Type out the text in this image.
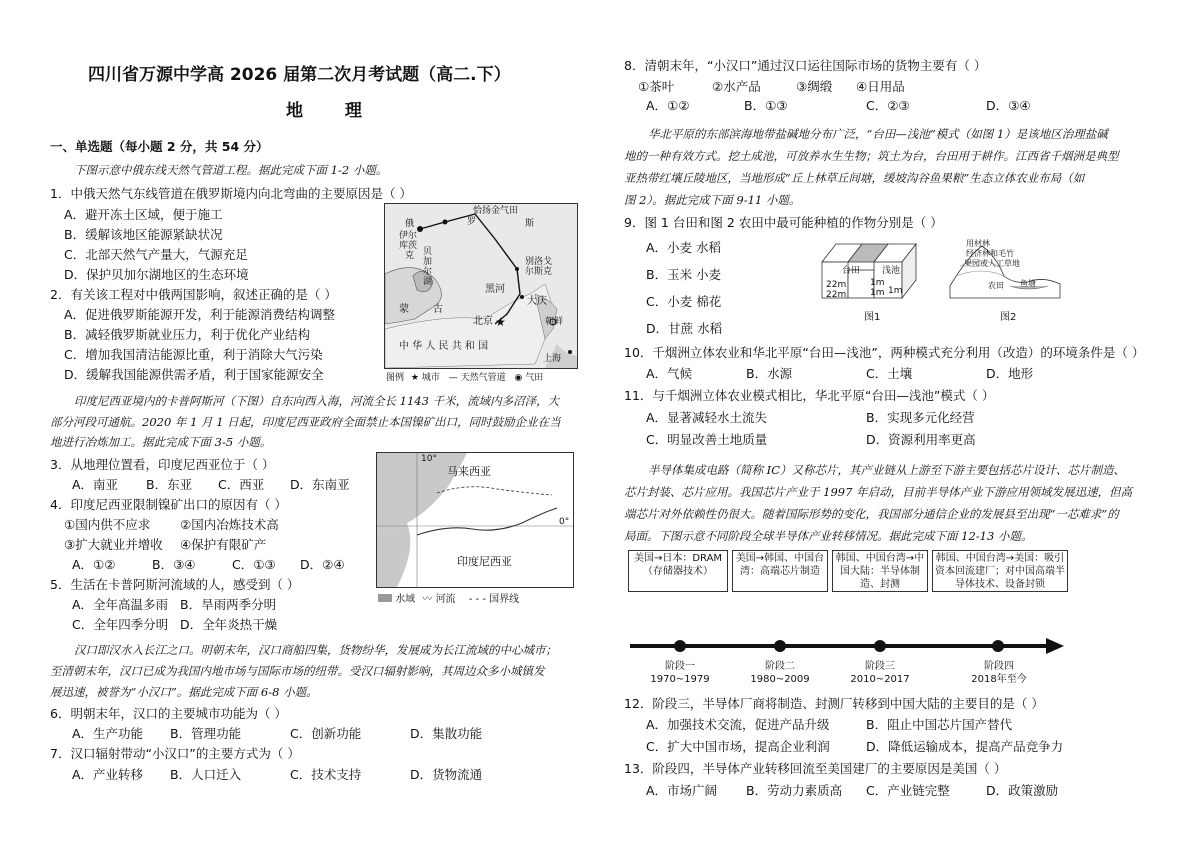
四川省万源中学高 2026 届第二次月考试题（高二.下）
地 理
一、单选题（每小题 2 分，共 54 分）
下图示意中俄东线天然气管道工程。据此完成下面 1-2 小题。
1．中俄天然气东线管道在俄罗斯境内向北弯曲的主要原因是（ ）
A．避开冻土区域，便于施工
B．缓解该地区能源紧缺状况
C．北部天然气产量大，气源充足
D．保护贝加尔湖地区的生态环境
2．有关该工程对中俄两国影响，叙述正确的是（ ）
A．促进俄罗斯能源开发，利于能源消费结构调整
B．减轻俄罗斯就业压力，利于优化产业结构
C．增加我国清洁能源比重，利于消除大气污染
D．缓解我国能源供需矛盾，利于国家能源安全
★
俄	罗	斯
恰扬金气田
伊尔
库茨
克 贝
加
尔
湖
别洛戈
尔斯克
黑河
大庆
蒙 古
北京	朝鲜
中 华 人 民 共 和 国
上海
图例 ★ 城市 — 天然气管道 ◉ 气田
印度尼西亚境内的卡普阿斯河（下图）自东向西入海，河流全长 1143 千米，流域内多沼泽，大
部分河段可通航。2020 年 1 月 1 日起，印度尼西亚政府全面禁止本国镍矿出口，同时鼓励企业在当
地进行冶炼加工。据此完成下面 3-5 小题。
3．从地理位置看，印度尼西亚位于（ ）
A．南亚 B．东亚 C．西亚 D．东南亚
4．印度尼西亚限制镍矿出口的原因有（ ）
①国内供不应求 ②国内冶炼技术高
③扩大就业并增收 ④保护有限矿产
A．①②	B．③④	C．①③ D．②④
5．生活在卡普阿斯河流域的人，感受到（ ）
A．全年高温多雨 B．旱雨两季分明
C．全年四季分明 D．全年炎热干燥
10°
0°
马来西亚
印度尼西亚
水域 〰 河流 - - - 国界线
汉口即汉水入长江之口。明朝末年，汉口商船四集，货物纷华，发展成为长江流域的中心城市；
至清朝末年，汉口已成为我国内地市场与国际市场的纽带。受汉口辐射影响，其周边众多小城镇发
展迅速，被誉为“小汉口”。据此完成下面 6-8 小题。
6．明朝末年，汉口的主要城市功能为（ ）
A．生产功能 B．管理功能	C．创新功能	D．集散功能
7．汉口辐射带动“小汉口”的主要方式为（ ）
A．产业转移 B．人口迁入	C．技术支持	D．货物流通
8．清朝末年，“小汉口”通过汉口运往国际市场的货物主要有（ ）
①茶叶	②水产品	③绸缎 ④日用品
A．①②	B．①③	C．②③	D．③④
华北平原的东部滨海地带盐碱地分布广泛，“台田—浅池”模式（如图 1）是该地区治理盐碱
地的一种有效方式。挖土成池，可放养水生生物；筑土为台，台田用于耕作。江西省千烟洲是典型
亚热带红壤丘陵地区，当地形成“丘上林草丘间塘，缓坡沟谷鱼果粮”生态立体农业布局（如
图 2）。据此完成下面 9-11 小题。
9．图 1 台田和图 2 农田中最可能种植的作物分别是（ ）
A．小麦 水稻
B．玉米 小麦
C．小麦 棉花
D．甘蔗 水稻
台田 浅池
22m
22m
1m
1m 1m
图1
用材林
经济林和毛竹
果园或人工草地
农田 鱼塘
图2
10．千烟洲立体农业和华北平原“台田—浅池”，两种模式充分利用（改造）的环境条件是（ ）
A．气候	B．水源	C．土壤	D．地形
11．与千烟洲立体农业模式相比，华北平原“台田—浅池”模式（ ）
A．显著减轻水土流失	B．实现多元化经营
C．明显改善土地质量	D．资源利用率更高
半导体集成电路（简称 IC）又称芯片，其产业链从上游至下游主要包括芯片设计、芯片制造、
芯片封装、芯片应用。我国芯片产业于 1997 年启动，目前半导体产业下游应用领域发展迅速，但高
端芯片对外依赖性仍很大。随着国际形势的变化，我国部分通信企业的发展县至出现“一芯难求”的
局面。下图示意不同阶段全球半导体产业转移情况。据此完成下面 12-13 小题。
美国→日本：DRAM（存储器技术）
美国→韩国、中国台湾：高端芯片制造
韩国、中国台湾→中国大陆：半导体制造、封测
韩国、中国台湾→美国：吸引资本回流建厂；对中国高端半导体技术、设备封锁
阶段一
1970~1979
阶段二
1980~2009
阶段三
2010~2017
阶段四
2018年至今
12．阶段三，半导体厂商将制造、封测厂转移到中国大陆的主要目的是（ ）
A．加强技术交流，促进产品升级	B．阻止中国芯片国产替代
C．扩大中国市场，提高企业利润	D．降低运输成本，提高产品竞争力
13．阶段四，半导体产业转移回流至美国建厂的主要原因是美国（ ）
A．市场广阔 B．劳动力素质高 C．产业链完整	D．政策激励
